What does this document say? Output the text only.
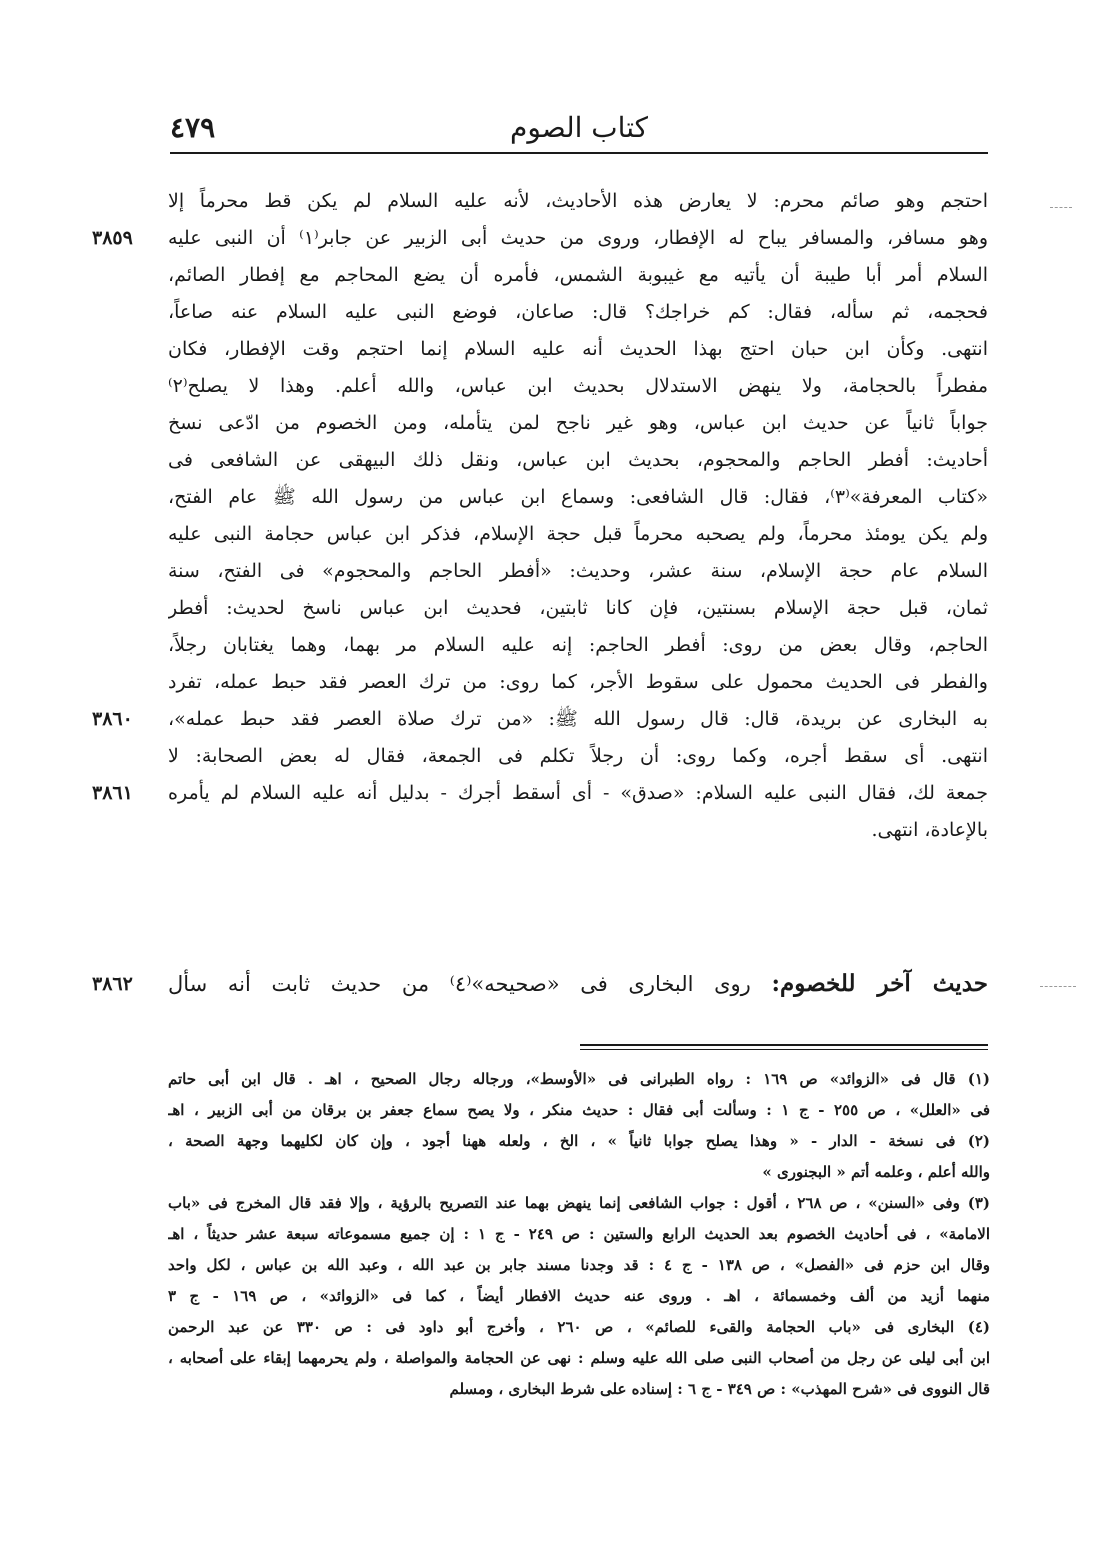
كتاب الصوم
٤٧٩
احتجم وهو صائم محرم: لا يعارض هذه الأحاديث، لأنه عليه السلام لم يكن قط محرماً إلا
وهو مسافر، والمسافر يباح له الإفطار، وروى من حديث أبى الزبير عن جابر⁽١⁾ أن النبى عليه
السلام أمر أبا طيبة أن يأتيه مع غيبوبة الشمس، فأمره أن يضع المحاجم مع إفطار الصائم،
فحجمه، ثم سأله، فقال: كم خراجك؟ قال: صاعان، فوضع النبى عليه السلام عنه صاعاً،
انتهى. وكأن ابن حبان احتج بهذا الحديث أنه عليه السلام إنما احتجم وقت الإفطار، فكان
مفطراً بالحجامة، ولا ينهض الاستدلال بحديث ابن عباس، والله أعلم. وهذا لا يصلح⁽٢⁾
جواباً ثانياً عن حديث ابن عباس، وهو غير ناجح لمن يتأمله، ومن الخصوم من ادّعى نسخ
أحاديث: أفطر الحاجم والمحجوم، بحديث ابن عباس، ونقل ذلك البيهقى عن الشافعى فى
«كتاب المعرفة»⁽٣⁾، فقال: قال الشافعى: وسماع ابن عباس من رسول الله ﷺ عام الفتح،
ولم يكن يومئذ محرماً، ولم يصحبه محرماً قبل حجة الإسلام، فذكر ابن عباس حجامة النبى عليه
السلام عام حجة الإسلام، سنة عشر، وحديث: «أفطر الحاجم والمحجوم» فى الفتح، سنة
ثمان، قبل حجة الإسلام بسنتين، فإن كانا ثابتين، فحديث ابن عباس ناسخ لحديث: أفطر
الحاجم، وقال بعض من روى: أفطر الحاجم: إنه عليه السلام مر بهما، وهما يغتابان رجلاً،
والفطر فى الحديث محمول على سقوط الأجر، كما روى: من ترك العصر فقد حبط عمله، تفرد
به البخارى عن بريدة، قال: قال رسول الله ﷺ: «من ترك صلاة العصر فقد حبط عمله»،
انتهى. أى سقط أجره، وكما روى: أن رجلاً تكلم فى الجمعة، فقال له بعض الصحابة: لا
جمعة لك، فقال النبى عليه السلام: «صدق» - أى أسقط أجرك - بدليل أنه عليه السلام لم يأمره
بالإعادة، انتهى.
٣٨٥٩
٣٨٦٠
٣٨٦١
٣٨٦٢	حديث آخر للخصوم: روى البخارى فى «صحيحه»⁽٤⁾ من حديث ثابت أنه سأل
(١) قال فى «الزوائد» ص ١٦٩ : رواه الطبرانى فى «الأوسط»، ورجاله رجال الصحيح ، اهـ . قال ابن أبى حاتم
فى «العلل» ، ص ٢٥٥ - ج ١ : وسألت أبى فقال : حديث منكر ، ولا يصح سماع جعفر بن برقان من أبى الزبير ، اهـ
(٢) فى نسخة - الدار - « وهذا يصلح جوابا ثانياً » ، الخ ، ولعله ههنا أجود ، وإن كان لكليهما وجهة الصحة ،
والله أعلم ، وعلمه أتم « البجنورى »
(٣) وفى «السنن» ، ص ٢٦٨ ، أقول : جواب الشافعى إنما ينهض بهما عند التصريح بالرؤية ، وإلا فقد قال المخرج فى «باب
الامامة» ، فى أحاديث الخصوم بعد الحديث الرابع والستين : ص ٢٤٩ - ج ١ : إن جميع مسموعاته سبعة عشر حديثاً ، اهـ
وقال ابن حزم فى «الفصل» ، ص ١٣٨ - ج ٤ : قد وجدنا مسند جابر بن عبد الله ، وعبد الله بن عباس ، لكل واحد
منهما أزيد من ألف وخمسمائة ، اهـ . وروى عنه حديث الافطار أيضاً ، كما فى «الزوائد» ، ص ١٦٩ - ج ٣
(٤) البخارى فى «باب الحجامة والقىء للصائم» ، ص ٢٦٠ ، وأخرج أبو داود فى : ص ٣٣٠ عن عبد الرحمن
ابن أبى ليلى عن رجل من أصحاب النبى صلى الله عليه وسلم : نهى عن الحجامة والمواصلة ، ولم يحرمهما إبقاء على أصحابه ،
قال النووى فى «شرح المهذب» : ص ٣٤٩ - ج ٦ : إسناده على شرط البخارى ، ومسلم
